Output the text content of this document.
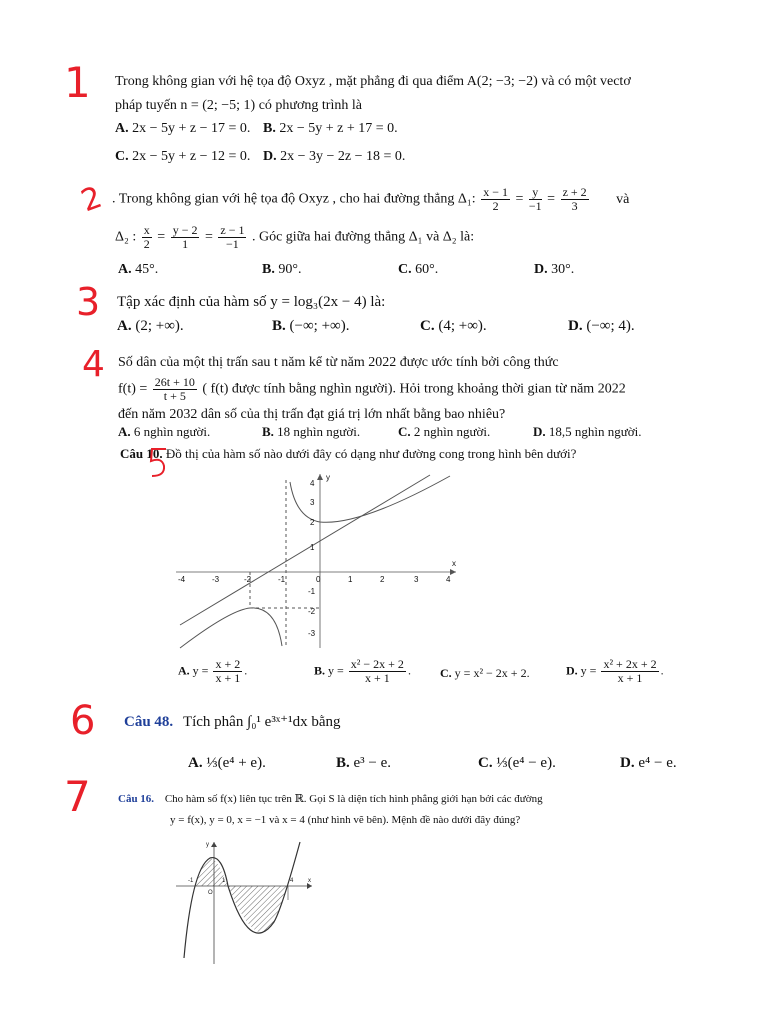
1 Trong không gian với hệ tọa độ Oxyz , mặt phẳng đi qua điểm A(2; −3; −2) và có một vectơ
pháp tuyến n = (2; −5; 1) có phương trình là
A. 2x − 5y + z − 17 = 0. B. 2x − 5y + z + 17 = 0.
C. 2x − 5y + z − 12 = 0. D. 2x − 3y − 2z − 18 = 0.
2 . Trong không gian với hệ tọa độ Oxyz , cho hai đường thẳng Δ₁: $\frac{x - 1}{2} = \frac{y}{-1} = \frac{z + 2}{3}$ và
Δ₂ : $\frac{x}{2} = \frac{y - 2}{1} = \frac{z - 1}{-1}$ . Góc giữa hai đường thẳng Δ₁ và Δ₂ là:
A. 45°.	B. 90°.	C. 60°.	D. 30°.
3 Tập xác định của hàm số y = log₃(2x − 4) là:
A. (2; +∞).	B. (−∞; +∞).	C. (4; +∞).	D. (−∞; 4).
4 Số dân của một thị trấn sau t năm kể từ năm 2022 được ước tính bởi công thức
$f(t) = \frac{26t + 10}{t + 5}$ ( f(t) được tính bằng nghìn người). Hỏi trong khoảng thời gian từ năm 2022
đến năm 2032 dân số của thị trấn đạt giá trị lớn nhất bằng bao nhiêu?
A. 6 nghìn người.	B. 18 nghìn người.	C. 2 nghìn người.	D. 18,5 nghìn người.
Câu 10. Đồ thị của hàm số nào dưới đây có dạng như đường cong trong hình bên dưới?
y
x
-4	-3	-2	-1	0	1	2	3	4
4
3
2
1
-1
-2
-3
A. $y = \frac{x + 2}{x + 1}$ .	B. $y = \frac{\text{x² − 2x + 2}}{x + 1}$ . C. y = x² − 2x + 2.	D. $y = \frac{\text{x² + 2x + 2}}{x + 1}$ .
6 Câu 48. Tích phân ∫₀¹ e³ˣ⁺¹dx bằng
A. ⅓(e⁴ + e).	B. e³ − e.	C. ⅓(e⁴ − e).	D. e⁴ − e.
7 Câu 16. Cho hàm số f(x) liên tục trên ℝ. Gọi S là diện tích hình phẳng giới hạn bởi các đường
y = f(x), y = 0, x = −1 và x = 4 (như hình vẽ bên). Mệnh đề nào dưới đây đúng?
y
x
O
-1	1	4
